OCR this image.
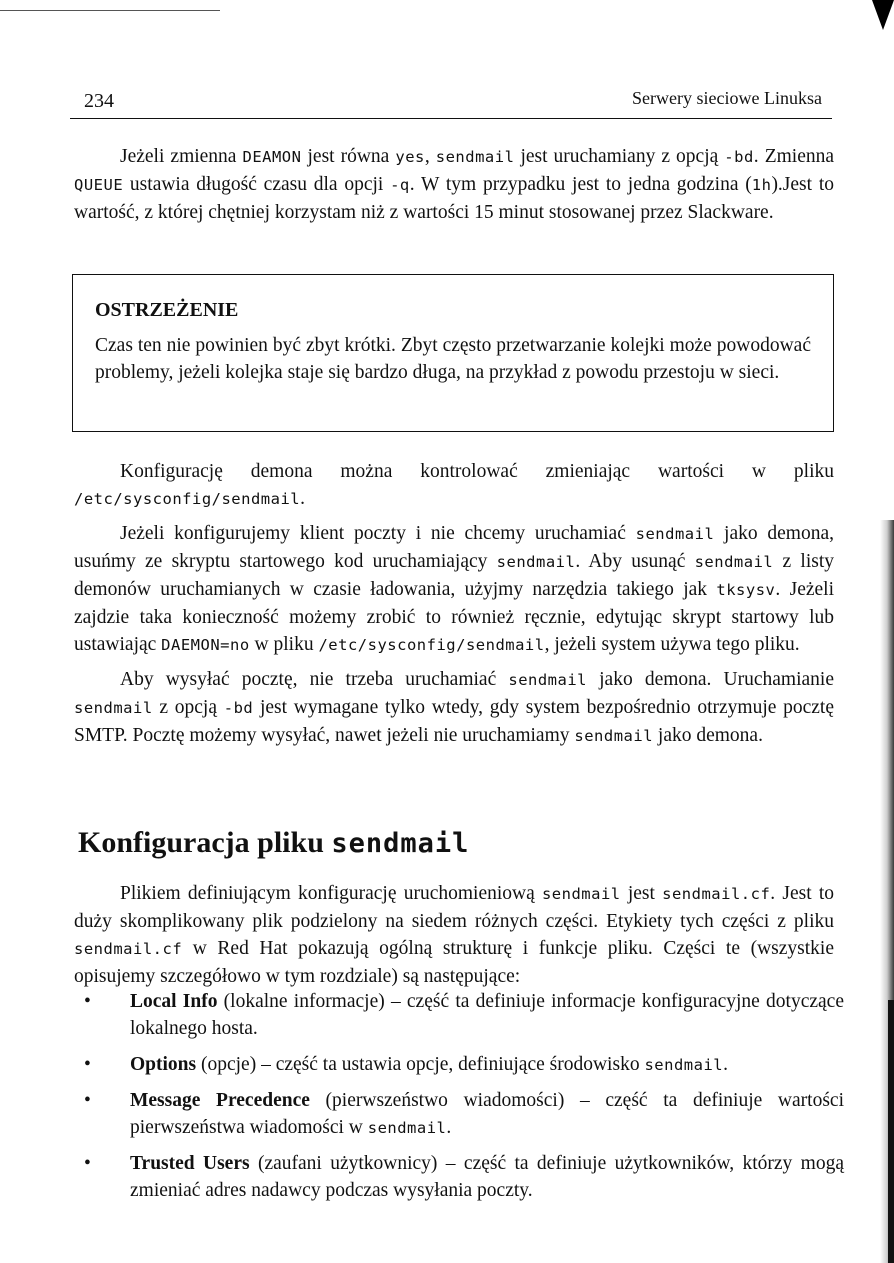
234	Serwery sieciowe Linuksa

Jeżeli zmienna DEAMON jest równa yes, sendmail jest uruchamiany z opcją -bd. Zmienna QUEUE ustawia długość czasu dla opcji -q. W tym przypadku jest to jedna godzina (1h).Jest to wartość, z której chętniej korzystam niż z wartości 15 minut stosowanej przez Slackware.

OSTRZEŻENIE
Czas ten nie powinien być zbyt krótki. Zbyt często przetwarzanie kolejki może powodować problemy, jeżeli kolejka staje się bardzo długa, na przykład z powodu przestoju w sieci.

Konfigurację demona można kontrolować zmieniając wartości w pliku /etc/sysconfig/sendmail.

Jeżeli konfigurujemy klient poczty i nie chcemy uruchamiać sendmail jako demona, usuńmy ze skryptu startowego kod uruchamiający sendmail. Aby usunąć sendmail z listy demonów uruchamianych w czasie ładowania, użyjmy narzędzia takiego jak tksysv. Jeżeli zajdzie taka konieczność możemy zrobić to również ręcznie, edytując skrypt startowy lub ustawiając DAEMON=no w pliku /etc/sysconfig/sendmail, jeżeli system używa tego pliku.

Aby wysyłać pocztę, nie trzeba uruchamiać sendmail jako demona. Uruchamianie sendmail z opcją -bd jest wymagane tylko wtedy, gdy system bezpośrednio otrzymuje pocztę SMTP. Pocztę możemy wysyłać, nawet jeżeli nie uruchamiamy sendmail jako demona.

Konfiguracja pliku sendmail

Plikiem definiującym konfigurację uruchomieniową sendmail jest sendmail.cf. Jest to duży skomplikowany plik podzielony na siedem różnych części. Etykiety tych części z pliku sendmail.cf w Red Hat pokazują ogólną strukturę i funkcje pliku. Części te (wszystkie opisujemy szczegółowo w tym rozdziale) są następujące:

• Local Info (lokalne informacje) – część ta definiuje informacje konfiguracyjne dotyczące lokalnego hosta.
• Options (opcje) – część ta ustawia opcje, definiujące środowisko sendmail.
• Message Precedence (pierwszeństwo wiadomości) – część ta definiuje wartości pierwszeństwa wiadomości w sendmail.
• Trusted Users (zaufani użytkownicy) – część ta definiuje użytkowników, którzy mogą zmieniać adres nadawcy podczas wysyłania poczty.
